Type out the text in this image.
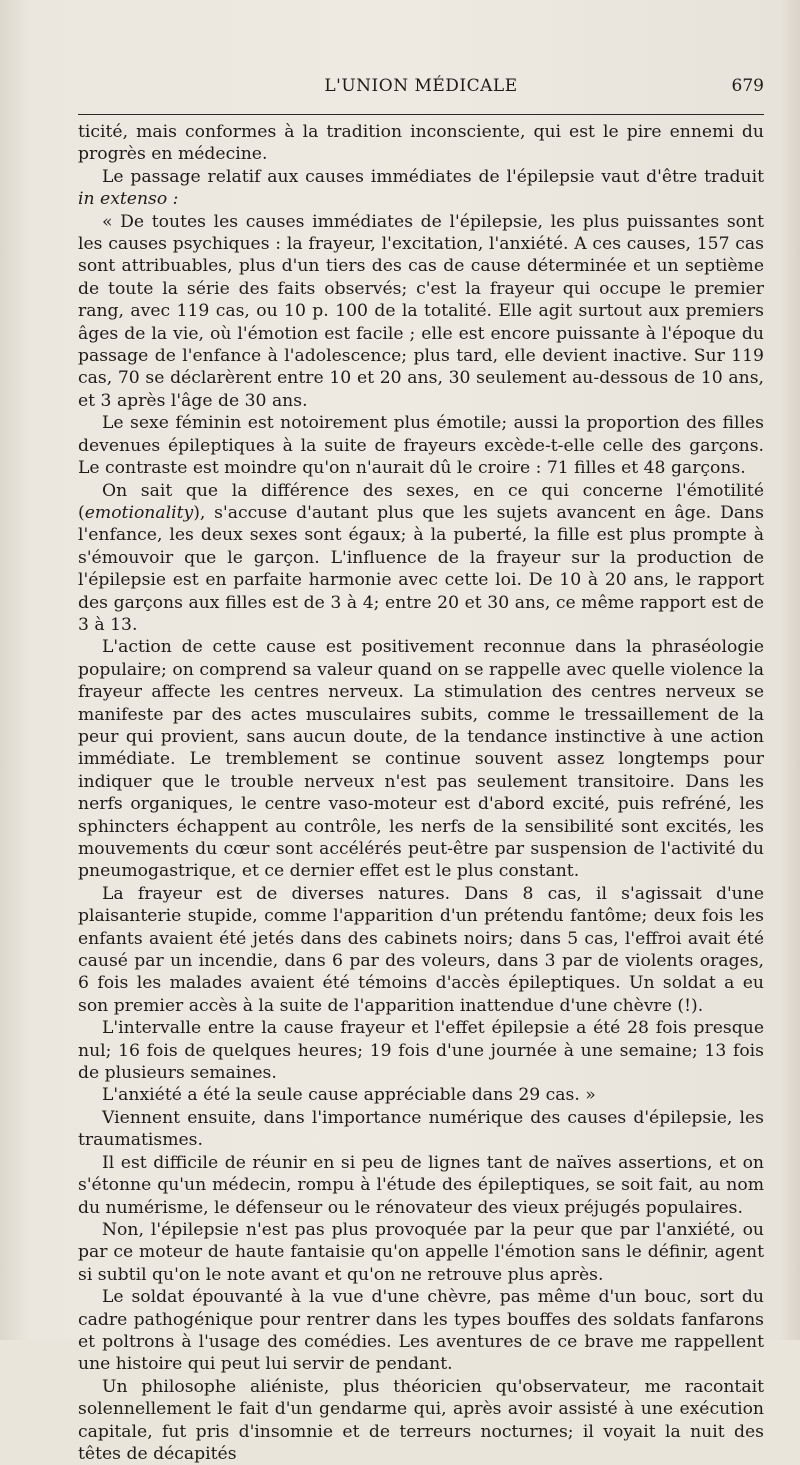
L'UNION MÉDICALE	679

ticité, mais conformes à la tradition inconsciente, qui est le pire ennemi du progrès en médecine.

Le passage relatif aux causes immédiates de l'épilepsie vaut d'être traduit in extenso :

« De toutes les causes immédiates de l'épilepsie, les plus puissantes sont les causes psychiques : la frayeur, l'excitation, l'anxiété. A ces causes, 157 cas sont attribuables, plus d'un tiers des cas de cause déterminée et un septième de toute la série des faits observés; c'est la frayeur qui occupe le premier rang, avec 119 cas, ou 10 p. 100 de la totalité. Elle agit surtout aux premiers âges de la vie, où l'émotion est facile ; elle est encore puissante à l'époque du passage de l'enfance à l'adolescence; plus tard, elle devient inactive. Sur 119 cas, 70 se déclarèrent entre 10 et 20 ans, 30 seulement au-dessous de 10 ans, et 3 après l'âge de 30 ans.

Le sexe féminin est notoirement plus émotile; aussi la proportion des filles devenues épileptiques à la suite de frayeurs excède-t-elle celle des garçons. Le contraste est moindre qu'on n'aurait dû le croire : 71 filles et 48 garçons.

On sait que la différence des sexes, en ce qui concerne l'émotilité (emotionality), s'accuse d'autant plus que les sujets avancent en âge. Dans l'enfance, les deux sexes sont égaux; à la puberté, la fille est plus prompte à s'émouvoir que le garçon. L'influence de la frayeur sur la production de l'épilepsie est en parfaite harmonie avec cette loi. De 10 à 20 ans, le rapport des garçons aux filles est de 3 à 4; entre 20 et 30 ans, ce même rapport est de 3 à 13.

L'action de cette cause est positivement reconnue dans la phraséologie populaire; on comprend sa valeur quand on se rappelle avec quelle violence la frayeur affecte les centres nerveux. La stimulation des centres nerveux se manifeste par des actes musculaires subits, comme le tressaillement de la peur qui provient, sans aucun doute, de la tendance instinctive à une action immédiate. Le tremblement se continue souvent assez longtemps pour indiquer que le trouble nerveux n'est pas seulement transitoire. Dans les nerfs organiques, le centre vaso-moteur est d'abord excité, puis refréné, les sphincters échappent au contrôle, les nerfs de la sensibilité sont excités, les mouvements du cœur sont accélérés peut-être par suspension de l'activité du pneumogastrique, et ce dernier effet est le plus constant.

La frayeur est de diverses natures. Dans 8 cas, il s'agissait d'une plaisanterie stupide, comme l'apparition d'un prétendu fantôme; deux fois les enfants avaient été jetés dans des cabinets noirs; dans 5 cas, l'effroi avait été causé par un incendie, dans 6 par des voleurs, dans 3 par de violents orages, 6 fois les malades avaient été témoins d'accès épileptiques. Un soldat a eu son premier accès à la suite de l'apparition inattendue d'une chèvre (!).

L'intervalle entre la cause frayeur et l'effet épilepsie a été 28 fois presque nul; 16 fois de quelques heures; 19 fois d'une journée à une semaine; 13 fois de plusieurs semaines.

L'anxiété a été la seule cause appréciable dans 29 cas. »

Viennent ensuite, dans l'importance numérique des causes d'épilepsie, les traumatismes.

Il est difficile de réunir en si peu de lignes tant de naïves assertions, et on s'étonne qu'un médecin, rompu à l'étude des épileptiques, se soit fait, au nom du numérisme, le défenseur ou le rénovateur des vieux préjugés populaires.

Non, l'épilepsie n'est pas plus provoquée par la peur que par l'anxiété, ou par ce moteur de haute fantaisie qu'on appelle l'émotion sans le définir, agent si subtil qu'on le note avant et qu'on ne retrouve plus après.

Le soldat épouvanté à la vue d'une chèvre, pas même d'un bouc, sort du cadre pathogénique pour rentrer dans les types bouffes des soldats fanfarons et poltrons à l'usage des comédies. Les aventures de ce brave me rappellent une histoire qui peut lui servir de pendant.

Un philosophe aliéniste, plus théoricien qu'observateur, me racontait solennellement le fait d'un gendarme qui, après avoir assisté à une exécution capitale, fut pris d'insomnie et de terreurs nocturnes; il voyait la nuit des têtes de décapités
